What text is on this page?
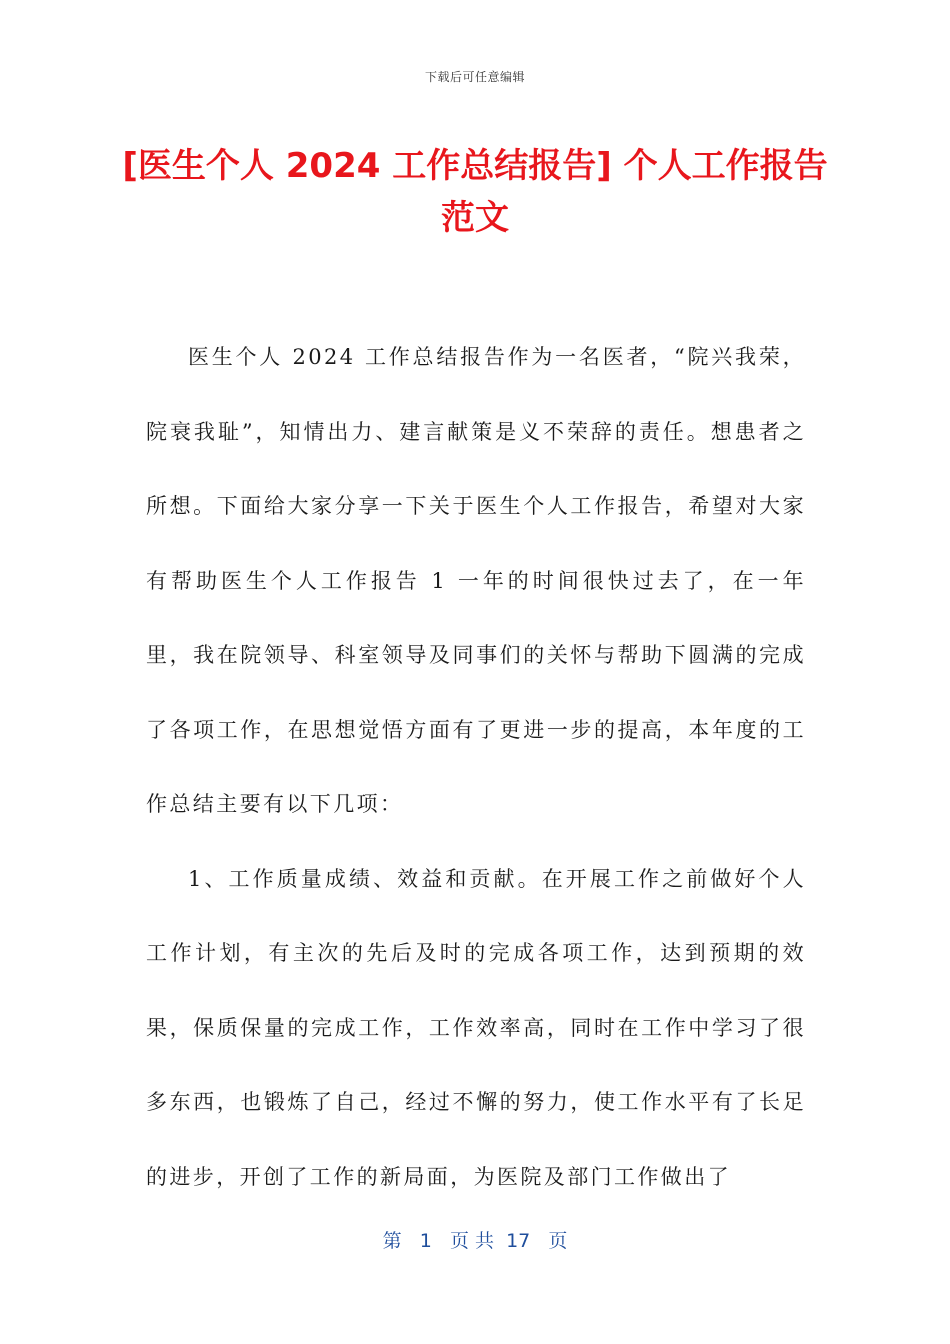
下载后可任意编辑
[医生个人 2024 工作总结报告] 个人工作报告范文

医生个人 2024 工作总结报告作为一名医者，“院兴我荣，院衰我耻”，知情出力、建言献策是义不荣辞的责任。想患者之所想。下面给大家分享一下关于医生个人工作报告，希望对大家有帮助医生个人工作报告 1 一年的时间很快过去了，在一年里，我在院领导、科室领导及同事们的关怀与帮助下圆满的完成了各项工作，在思想觉悟方面有了更进一步的提高，本年度的工作总结主要有以下几项：

1、工作质量成绩、效益和贡献。在开展工作之前做好个人工作计划，有主次的先后及时的完成各项工作，达到预期的效果，保质保量的完成工作，工作效率高，同时在工作中学习了很多东西，也锻炼了自己，经过不懈的努力，使工作水平有了长足的进步，开创了工作的新局面，为医院及部门工作做出了

第   1   页 共  17   页
